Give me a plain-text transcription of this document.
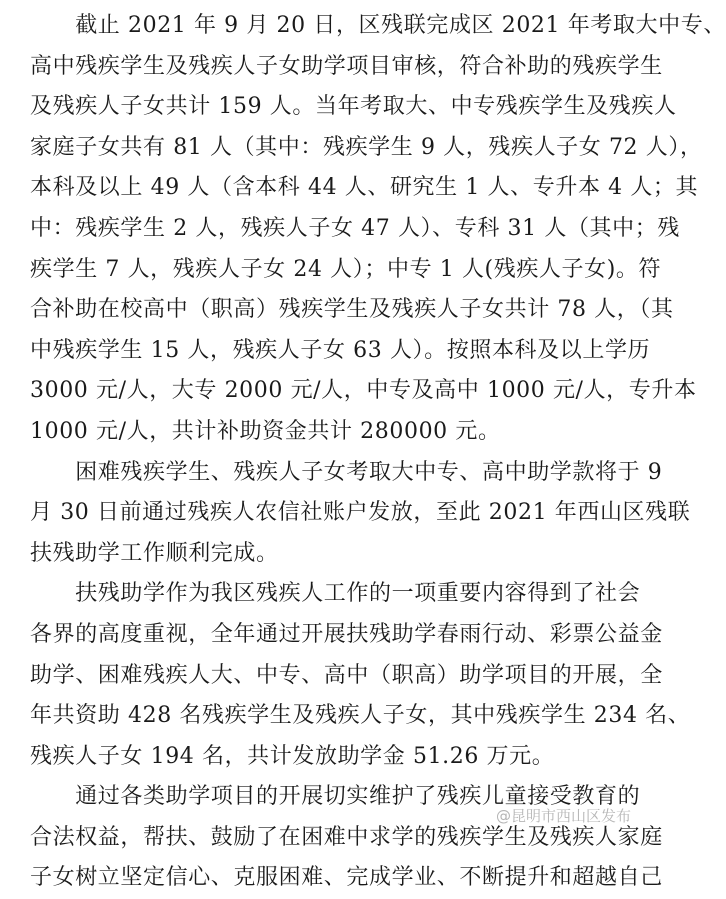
　　截止 2021 年 9 月 20 日，区残联完成区 2021 年考取大中专、
高中残疾学生及残疾人子女助学项目审核，符合补助的残疾学生
及残疾人子女共计 159 人。当年考取大、中专残疾学生及残疾人
家庭子女共有 81 人（其中：残疾学生 9 人，残疾人子女 72 人），
本科及以上 49 人（含本科 44 人、研究生 1 人、专升本 4 人；其
中：残疾学生 2 人，残疾人子女 47 人）、专科 31 人（其中；残
疾学生 7 人，残疾人子女 24 人）；中专 1 人(残疾人子女)。符
合补助在校高中（职高）残疾学生及残疾人子女共计 78 人，（其
中残疾学生 15 人，残疾人子女 63 人）。按照本科及以上学历
3000 元/人，大专 2000 元/人，中专及高中 1000 元/人，专升本
1000 元/人，共计补助资金共计 280000 元。
　　困难残疾学生、残疾人子女考取大中专、高中助学款将于 9
月 30 日前通过残疾人农信社账户发放，至此 2021 年西山区残联
扶残助学工作顺利完成。
　　扶残助学作为我区残疾人工作的一项重要内容得到了社会
各界的高度重视，全年通过开展扶残助学春雨行动、彩票公益金
助学、困难残疾人大、中专、高中（职高）助学项目的开展，全
年共资助 428 名残疾学生及残疾人子女，其中残疾学生 234 名、
残疾人子女 194 名，共计发放助学金 51.26 万元。
　　通过各类助学项目的开展切实维护了残疾儿童接受教育的
合法权益，帮扶、鼓励了在困难中求学的残疾学生及残疾人家庭
子女树立坚定信心、克服困难、完成学业、不断提升和超越自己
@昆明市西山区发布
